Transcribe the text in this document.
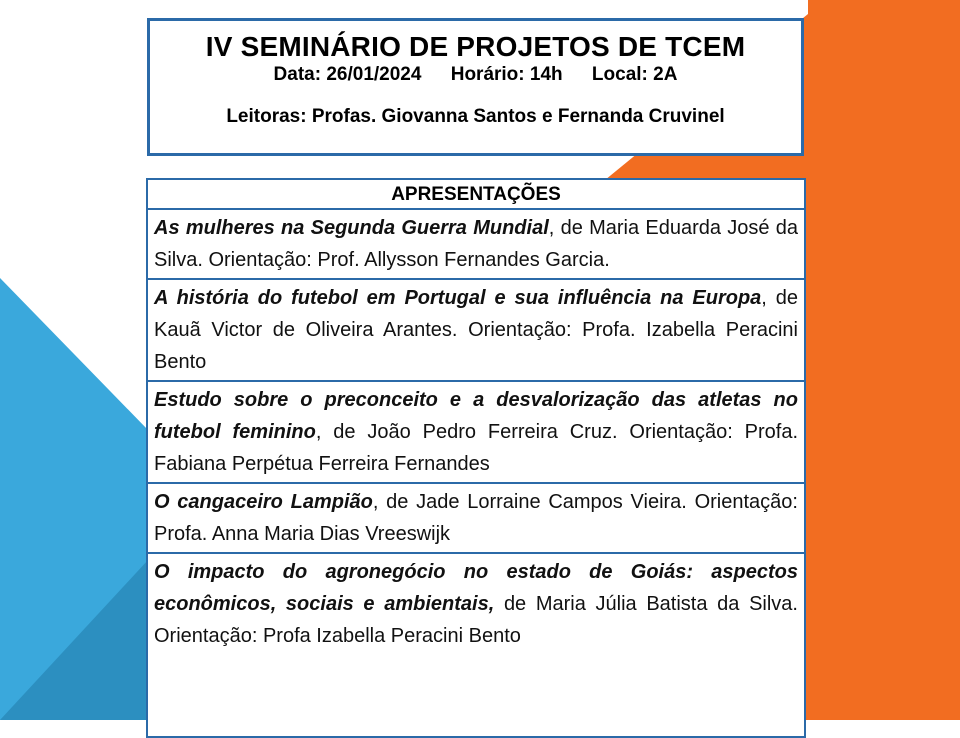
IV SEMINÁRIO DE PROJETOS DE TCEM
Data: 26/01/2024 Horário: 14h Local: 2A
Leitoras: Profas. Giovanna Santos e Fernanda Cruvinel
APRESENTAÇÕES
As mulheres na Segunda Guerra Mundial, de Maria Eduarda José da Silva. Orientação: Prof. Allysson Fernandes Garcia.
A história do futebol em Portugal e sua influência na Europa, de Kauã Victor de Oliveira Arantes. Orientação: Profa. Izabella Peracini Bento
Estudo sobre o preconceito e a desvalorização das atletas no futebol feminino, de João Pedro Ferreira Cruz. Orientação: Profa. Fabiana Perpétua Ferreira Fernandes
O cangaceiro Lampião, de Jade Lorraine Campos Vieira. Orientação: Profa. Anna Maria Dias Vreeswijk
O impacto do agronegócio no estado de Goiás: aspectos econômicos, sociais e ambientais, de Maria Júlia Batista da Silva. Orientação: Profa Izabella Peracini Bento
